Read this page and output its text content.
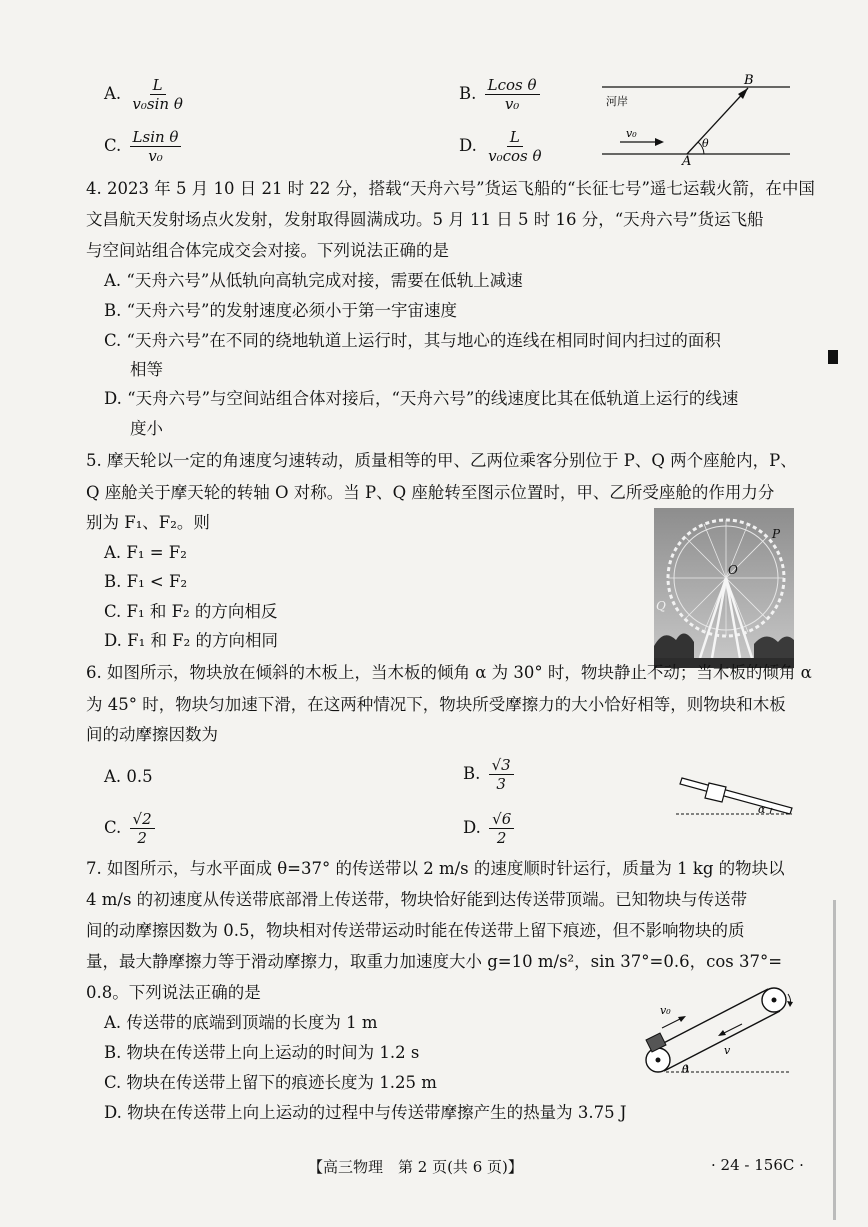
A. $\frac{L}{\text{v₀sin θ}}$	B. $\frac{\text{Lcos θ}}{\text{v₀}}$
C. $\frac{\text{Lsin θ}}{\text{v₀}}$	D. $\frac{L}{\text{v₀cos θ}}$
B
A
河岸
v₀
θ
4. 2023 年 5 月 10 日 21 时 22 分，搭载“天舟六号”货运飞船的“长征七号”遥七运载火箭，在中国
文昌航天发射场点火发射，发射取得圆满成功。5 月 11 日 5 时 16 分，“天舟六号”货运飞船
与空间站组合体完成交会对接。下列说法正确的是
A. “天舟六号”从低轨向高轨完成对接，需要在低轨上减速
B. “天舟六号”的发射速度必须小于第一宇宙速度
C. “天舟六号”在不同的绕地轨道上运行时，其与地心的连线在相同时间内扫过的面积
相等
D. “天舟六号”与空间站组合体对接后，“天舟六号”的线速度比其在低轨道上运行的线速
度小
5. 摩天轮以一定的角速度匀速转动，质量相等的甲、乙两位乘客分别位于 P、Q 两个座舱内，P、
Q 座舱关于摩天轮的转轴 O 对称。当 P、Q 座舱转至图示位置时，甲、乙所受座舱的作用力分
别为 F₁、F₂。则
A. F₁ = F₂
B. F₁ < F₂
C. F₁ 和 F₂ 的方向相反
D. F₁ 和 F₂ 的方向相同
P
O
Q
6. 如图所示，物块放在倾斜的木板上，当木板的倾角 α 为 30° 时，物块静止不动；当木板的倾角 α
为 45° 时，物块匀加速下滑，在这两种情况下，物块所受摩擦力的大小恰好相等，则物块和木板
间的动摩擦因数为
A. 0.5	B. $\frac{√3}{3}$
C. $\frac{√2}{2}$	D. $\frac{√6}{2}$
α
7. 如图所示，与水平面成 θ=37° 的传送带以 2 m/s 的速度顺时针运行，质量为 1 kg 的物块以
4 m/s 的初速度从传送带底部滑上传送带，物块恰好能到达传送带顶端。已知物块与传送带
间的动摩擦因数为 0.5，物块相对传送带运动时能在传送带上留下痕迹，但不影响物块的质
量，最大静摩擦力等于滑动摩擦力，取重力加速度大小 g=10 m/s²，sin 37°=0.6，cos 37°=
0.8。下列说法正确的是
A. 传送带的底端到顶端的长度为 1 m
B. 物块在传送带上向上运动的时间为 1.2 s
C. 物块在传送带上留下的痕迹长度为 1.25 m
D. 物块在传送带上向上运动的过程中与传送带摩擦产生的热量为 3.75 J
v₀
v
θ
【高三物理　第 2 页(共 6 页)】	· 24 - 156C ·
